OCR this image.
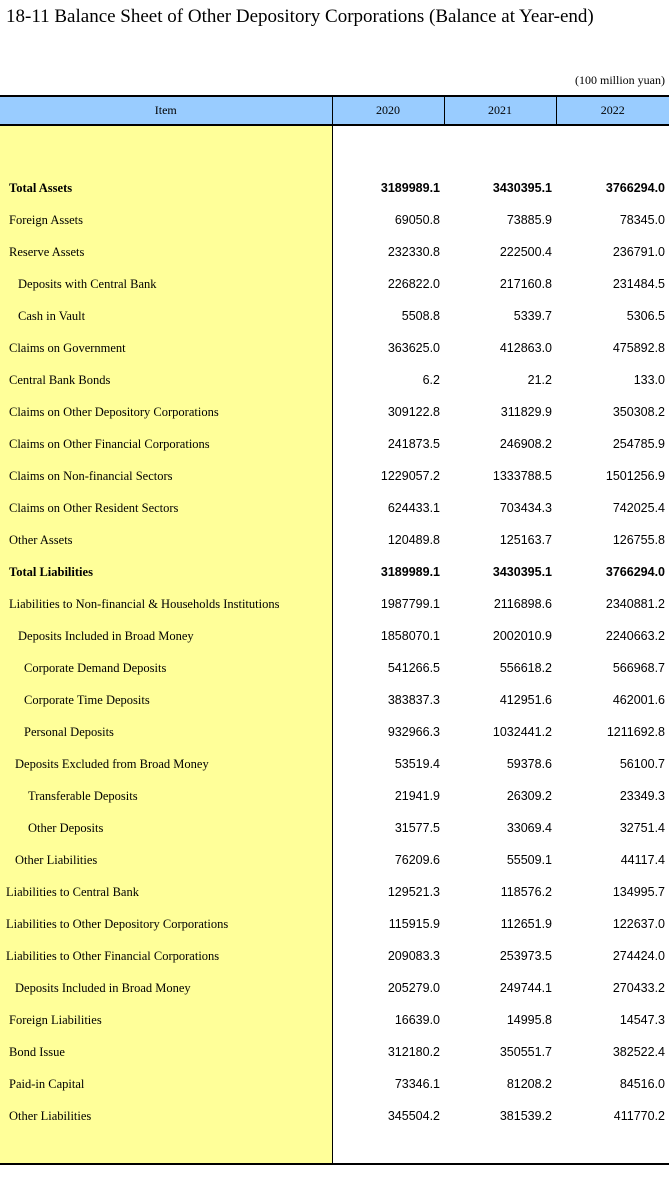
18-11 Balance Sheet of Other Depository Corporations (Balance at Year-end)
(100 million yuan)
Item	2020	2021	2022

Total Assets	3189989.1	3430395.1	3766294.0
Foreign Assets	69050.8	73885.9	78345.0
Reserve Assets	232330.8	222500.4	236791.0
Deposits with Central Bank	226822.0	217160.8	231484.5
Cash in Vault	5508.8	5339.7	5306.5
Claims on Government	363625.0	412863.0	475892.8
Central Bank Bonds	6.2	21.2	133.0
Claims on Other Depository Corporations	309122.8	311829.9	350308.2
Claims on Other Financial Corporations	241873.5	246908.2	254785.9
Claims on Non-financial Sectors	1229057.2	1333788.5	1501256.9
Claims on Other Resident Sectors	624433.1	703434.3	742025.4
Other Assets	120489.8	125163.7	126755.8
Total Liabilities	3189989.1	3430395.1	3766294.0
Liabilities to Non-financial & Households Institutions	1987799.1	2116898.6	2340881.2
Deposits Included in Broad Money	1858070.1	2002010.9	2240663.2
Corporate Demand Deposits	541266.5	556618.2	566968.7
Corporate Time Deposits	383837.3	412951.6	462001.6
Personal Deposits	932966.3	1032441.2	1211692.8
Deposits Excluded from Broad Money	53519.4	59378.6	56100.7
Transferable Deposits	21941.9	26309.2	23349.3
Other Deposits	31577.5	33069.4	32751.4
Other Liabilities	76209.6	55509.1	44117.4
Liabilities to Central Bank	129521.3	118576.2	134995.7
Liabilities to Other Depository Corporations	115915.9	112651.9	122637.0
Liabilities to Other Financial Corporations	209083.3	253973.5	274424.0
Deposits Included in Broad Money	205279.0	249744.1	270433.2
Foreign Liabilities	16639.0	14995.8	14547.3
Bond Issue	312180.2	350551.7	382522.4
Paid-in Capital	73346.1	81208.2	84516.0
Other Liabilities	345504.2	381539.2	411770.2
